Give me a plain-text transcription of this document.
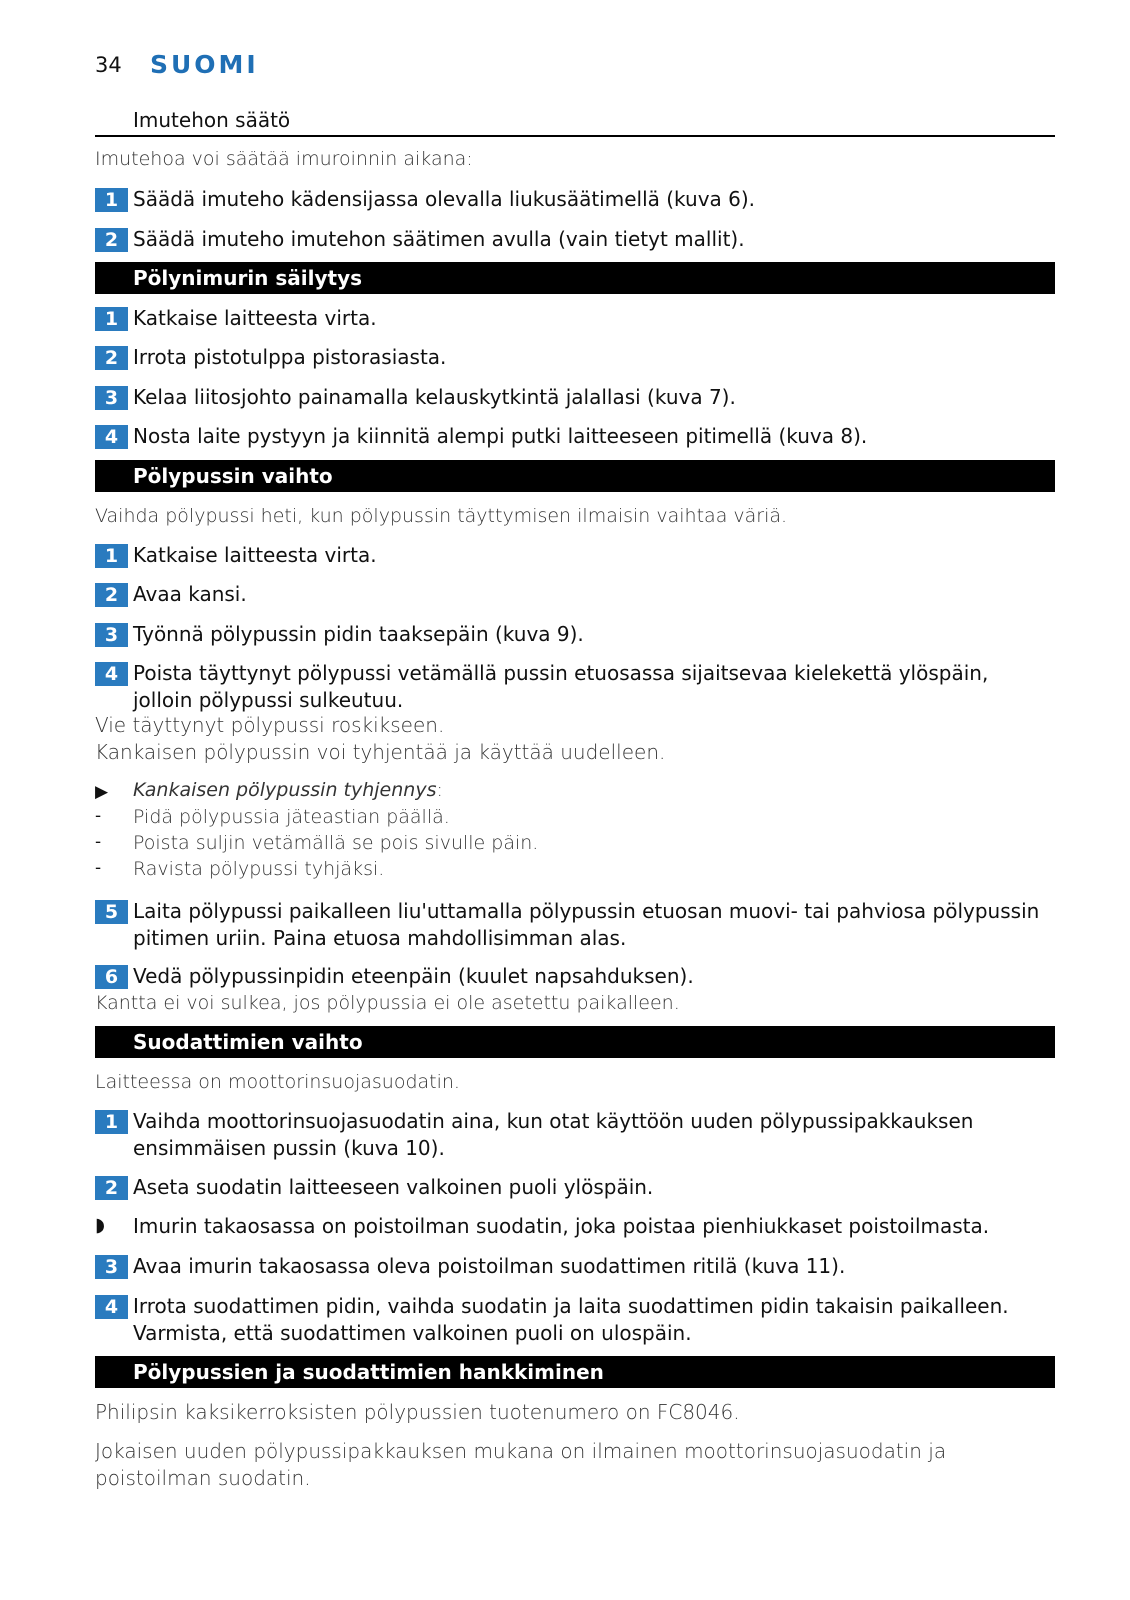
34 SUOMI
Imutehon säätö
Imutehoa voi säätää imuroinnin aikana:
1 Säädä imuteho kädensijassa olevalla liukusäätimellä (kuva 6).
2 Säädä imuteho imutehon säätimen avulla (vain tietyt mallit).
Pölynimurin säilytys
1 Katkaise laitteesta virta.
2 Irrota pistotulppa pistorasiasta.
3 Kelaa liitosjohto painamalla kelauskytkintä jalallasi (kuva 7).
4 Nosta laite pystyyn ja kiinnitä alempi putki laitteeseen pitimellä (kuva 8).
Pölypussin vaihto
Vaihda pölypussi heti, kun pölypussin täyttymisen ilmaisin vaihtaa väriä.
1 Katkaise laitteesta virta.
2 Avaa kansi.
3 Työnnä pölypussin pidin taaksepäin (kuva 9).
4 Poista täyttynyt pölypussi vetämällä pussin etuosassa sijaitsevaa kielekettä ylöspäin, jolloin pölypussi sulkeutuu.
Vie täyttynyt pölypussi roskikseen.
Kankaisen pölypussin voi tyhjentää ja käyttää uudelleen.
▶ Kankaisen pölypussin tyhjennys:
- Pidä pölypussia jäteastian päällä.
- Poista suljin vetämällä se pois sivulle päin.
- Ravista pölypussi tyhjäksi.
5 Laita pölypussi paikalleen liu'uttamalla pölypussin etuosan muovi- tai pahviosa pölypussin pitimen uriin. Paina etuosa mahdollisimman alas.
6 Vedä pölypussinpidin eteenpäin (kuulet napsahduksen).
Kantta ei voi sulkea, jos pölypussia ei ole asetettu paikalleen.
Suodattimien vaihto
Laitteessa on moottorinsuojasuodatin.
1 Vaihda moottorinsuojasuodatin aina, kun otat käyttöön uuden pölypussipakkauksen ensimmäisen pussin (kuva 10).
2 Aseta suodatin laitteeseen valkoinen puoli ylöspäin.
◗ Imurin takaosassa on poistoilman suodatin, joka poistaa pienhiukkaset poistoilmasta.
3 Avaa imurin takaosassa oleva poistoilman suodattimen ritilä (kuva 11).
4 Irrota suodattimen pidin, vaihda suodatin ja laita suodattimen pidin takaisin paikalleen. Varmista, että suodattimen valkoinen puoli on ulospäin.
Pölypussien ja suodattimien hankkiminen
Philipsin kaksikerroksisten pölypussien tuotenumero on FC8046.
Jokaisen uuden pölypussipakkauksen mukana on ilmainen moottorinsuojasuodatin ja poistoilman suodatin.
